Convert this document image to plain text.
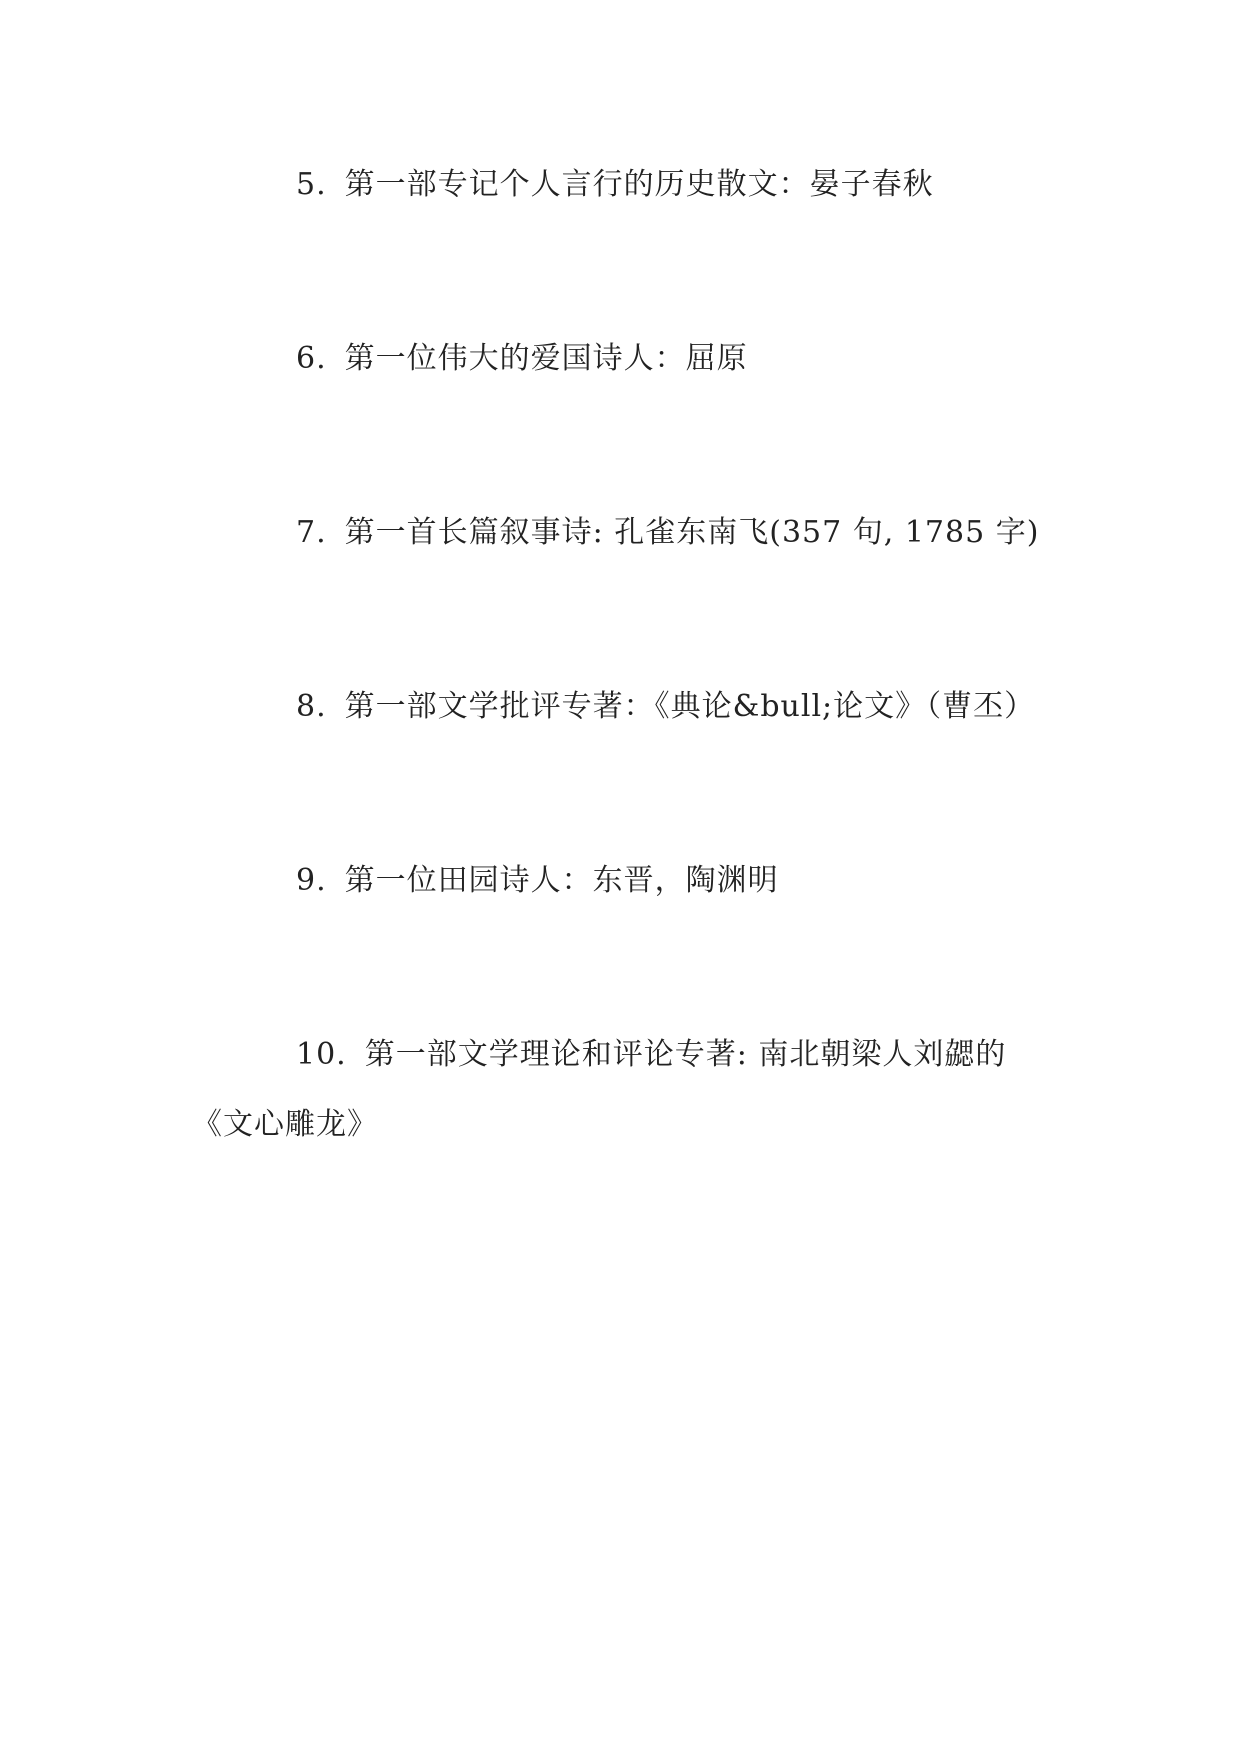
5. 第一部专记个人言行的历史散文：晏子春秋

6. 第一位伟大的爱国诗人：屈原

7. 第一首长篇叙事诗: 孔雀东南飞(357 句, 1785 字)

8. 第一部文学批评专著：《典论&bull;论文》（曹丕）

9. 第一位田园诗人：东晋，陶渊明

10. 第一部文学理论和评论专著: 南北朝梁人刘勰的《文心雕龙》
